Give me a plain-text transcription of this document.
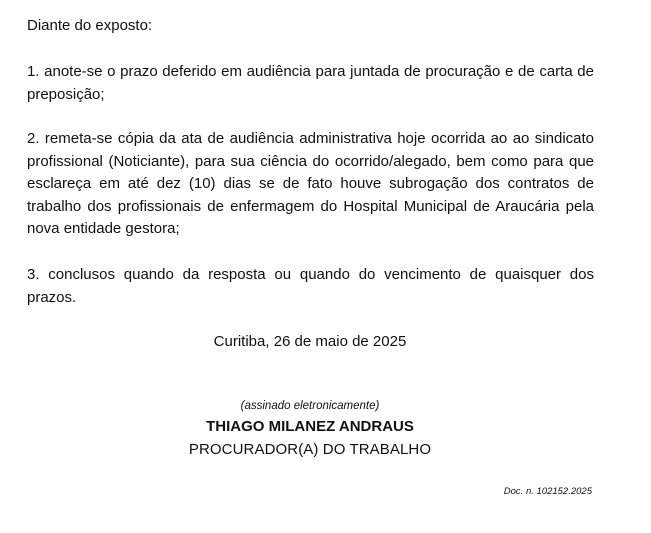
Diante do exposto:

1. anote-se o prazo deferido em audiência para juntada de procuração e de carta de preposição;

2. remeta-se cópia da ata de audiência administrativa hoje ocorrida ao ao sindicato profissional (Noticiante), para sua ciência do ocorrido/alegado, bem como para que esclareça em até dez (10) dias se de fato houve subrogação dos contratos de trabalho dos profissionais de enfermagem do Hospital Municipal de Araucária pela nova entidade gestora;

3. conclusos quando da resposta ou quando do vencimento de quaisquer dos prazos.

Curitiba, 26 de maio de 2025

(assinado eletronicamente)

THIAGO MILANEZ ANDRAUS

PROCURADOR(A) DO TRABALHO

Doc. n. 102152.2025
